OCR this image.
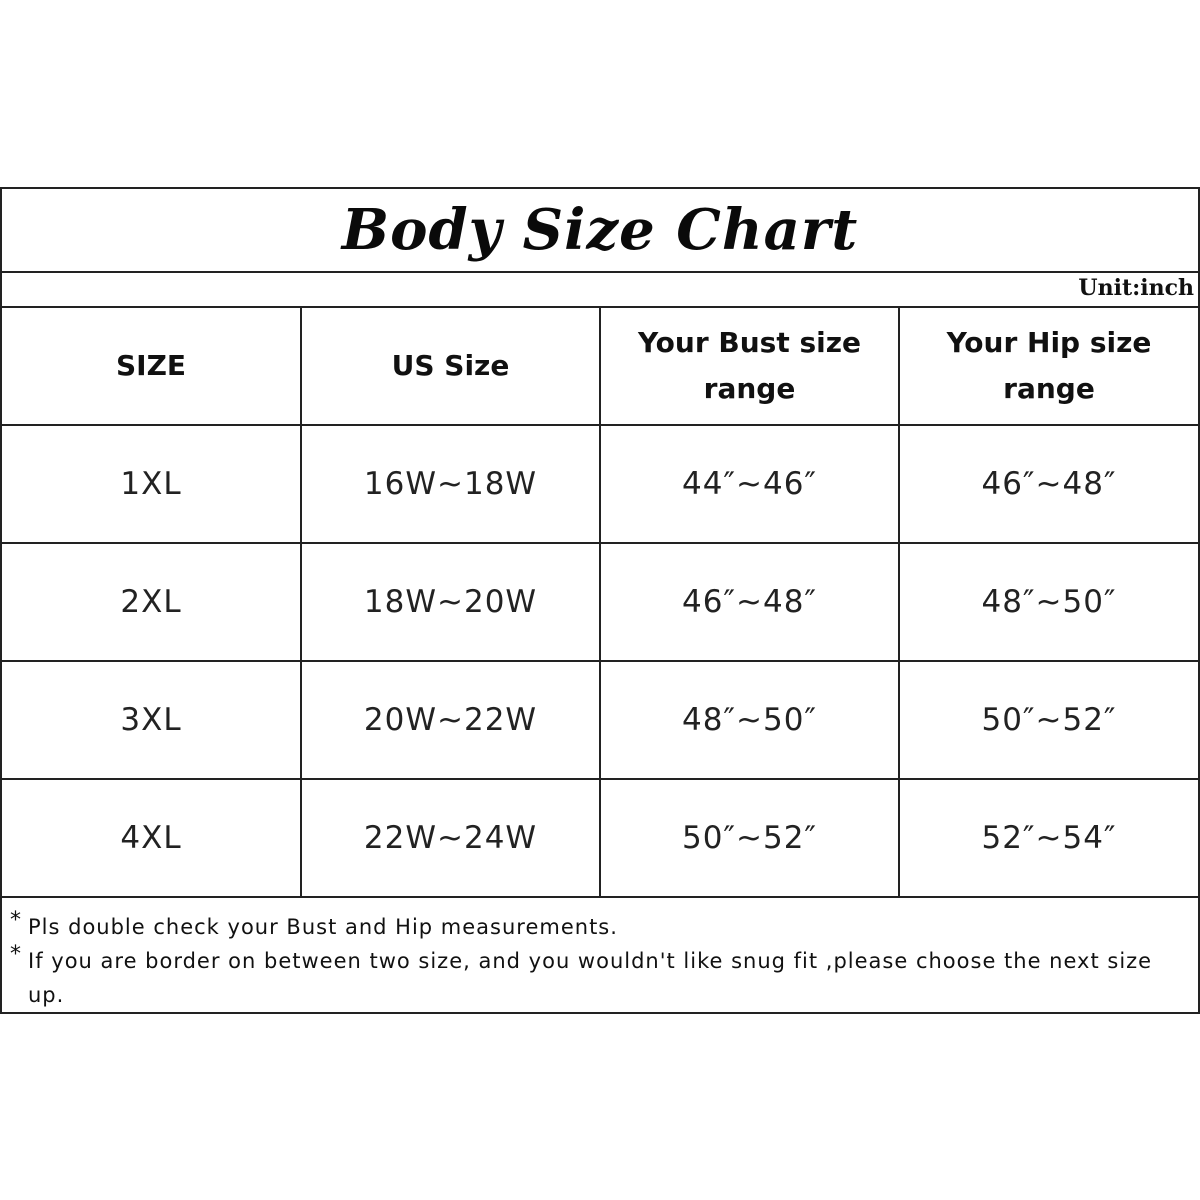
Body Size Chart
Unit:inch
SIZE	US Size	Your Bust size range	Your Hip size range
1XL	16W~18W	44″~46″	46″~48″
2XL	18W~20W	46″~48″	48″~50″
3XL	20W~22W	48″~50″	50″~52″
4XL	22W~24W	50″~52″	52″~54″
* Pls double check your Bust and Hip measurements.
* If you are border on between two size, and you wouldn't like snug fit ,please choose the next size up.
